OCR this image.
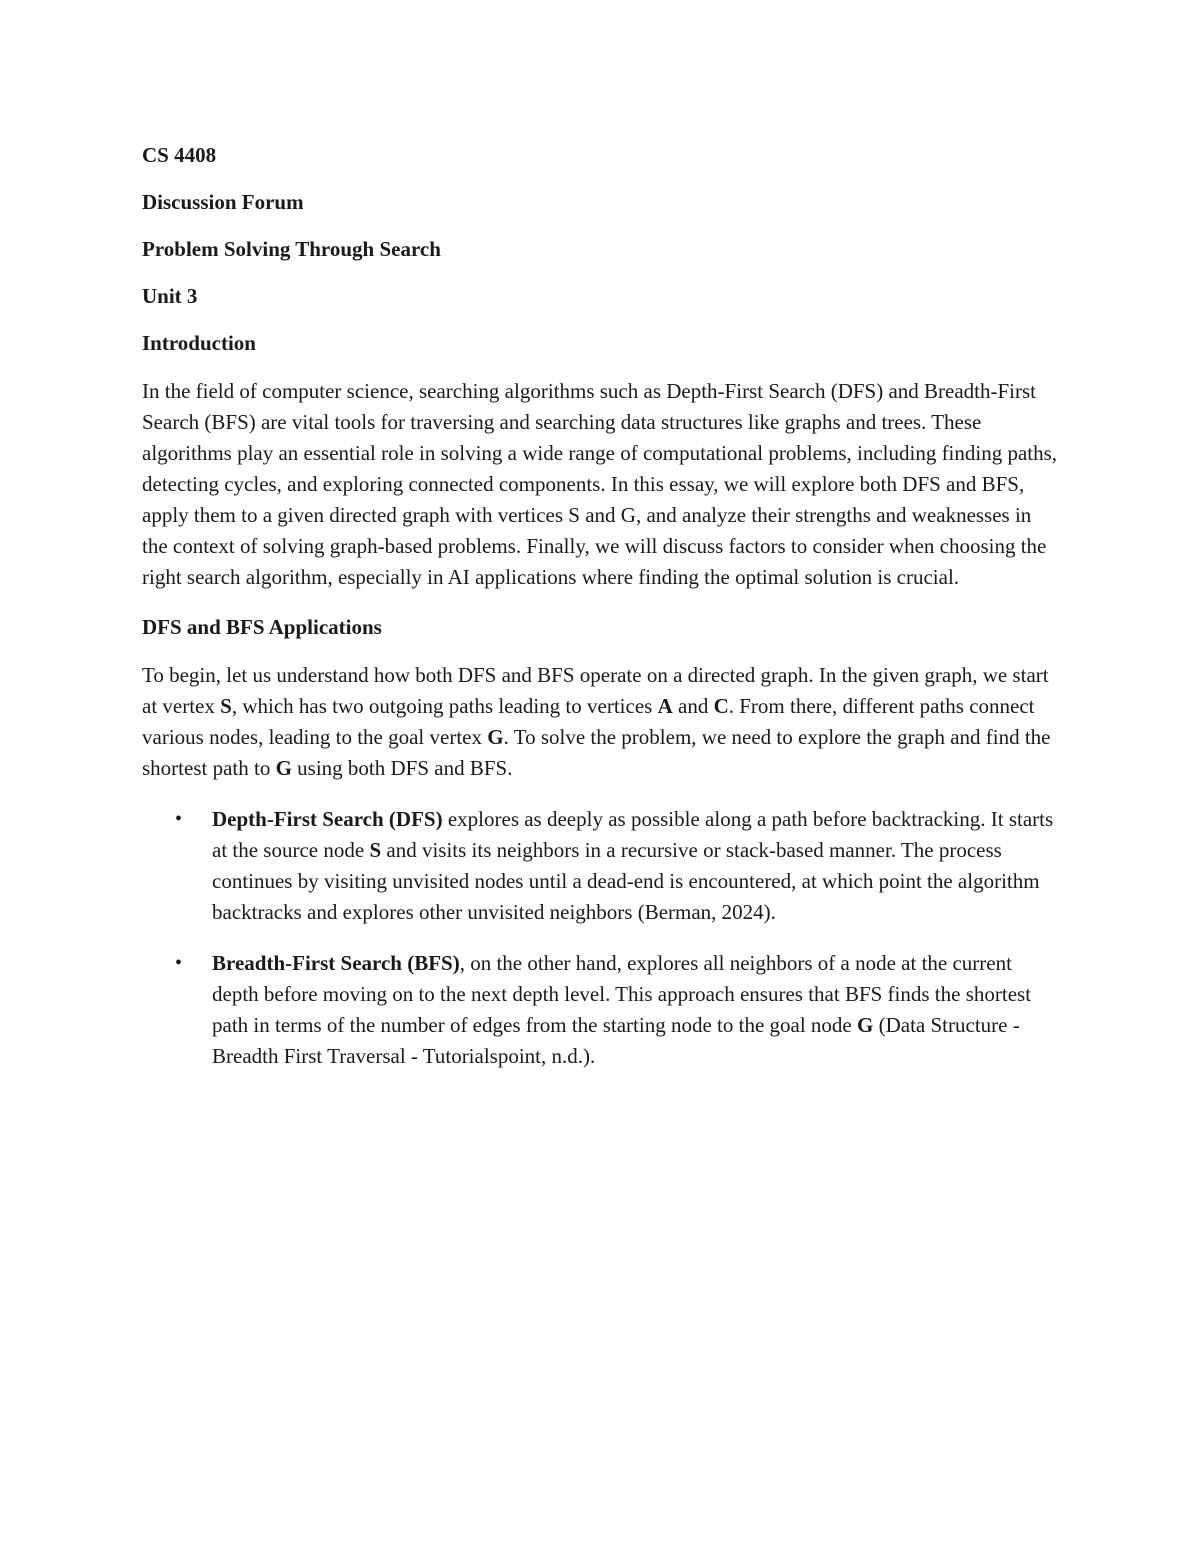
CS 4408
Discussion Forum
Problem Solving Through Search
Unit 3
Introduction

In the field of computer science, searching algorithms such as Depth-First Search (DFS) and Breadth-First Search (BFS) are vital tools for traversing and searching data structures like graphs and trees. These algorithms play an essential role in solving a wide range of computational problems, including finding paths, detecting cycles, and exploring connected components. In this essay, we will explore both DFS and BFS, apply them to a given directed graph with vertices S and G, and analyze their strengths and weaknesses in the context of solving graph-based problems. Finally, we will discuss factors to consider when choosing the right search algorithm, especially in AI applications where finding the optimal solution is crucial.

DFS and BFS Applications

To begin, let us understand how both DFS and BFS operate on a directed graph. In the given graph, we start at vertex S, which has two outgoing paths leading to vertices A and C. From there, different paths connect various nodes, leading to the goal vertex G. To solve the problem, we need to explore the graph and find the shortest path to G using both DFS and BFS.

• Depth-First Search (DFS) explores as deeply as possible along a path before backtracking. It starts at the source node S and visits its neighbors in a recursive or stack-based manner. The process continues by visiting unvisited nodes until a dead-end is encountered, at which point the algorithm backtracks and explores other unvisited neighbors (Berman, 2024).
• Breadth-First Search (BFS), on the other hand, explores all neighbors of a node at the current depth before moving on to the next depth level. This approach ensures that BFS finds the shortest path in terms of the number of edges from the starting node to the goal node G (Data Structure - Breadth First Traversal - Tutorialspoint, n.d.).
